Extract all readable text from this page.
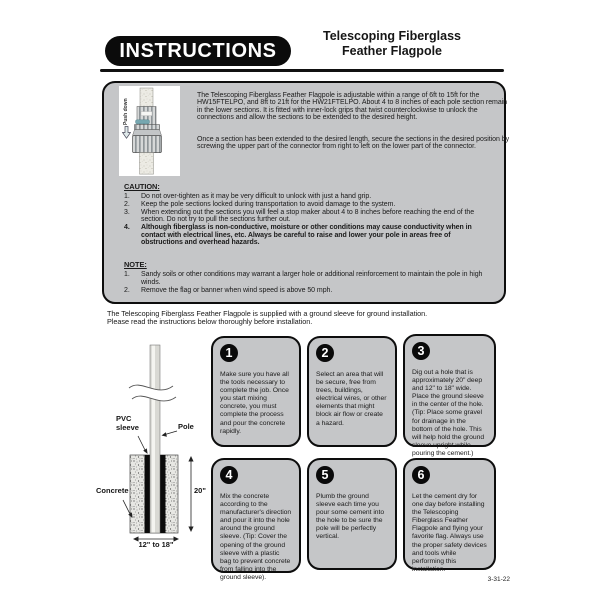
INSTRUCTIONS
Telescoping Fiberglass
Feather Flagpole
Push down

The Telescoping Fiberglass Feather Flagpole is adjustable within a range of 6ft to 15ft for the HW15FTELPO, and 8ft to 21ft for the HW21FTELPO. About 4 to 8 inches of each pole section remain in the lower sections. It is fitted with inner-lock grips that twist counterclockwise to unlock the connections and allow the sections to be extended to the desired height.

Once a section has been extended to the desired length, secure the sections in the desired position by screwing the upper part of the connector from right to left on the lower part of the connector.

CAUTION:
1.	Do not over-tighten as it may be very difficult to unlock with just a hand grip.
2.	Keep the pole sections locked during transportation to avoid damage to the system.
3.	When extending out the sections you will feel a stop maker about 4 to 8 inches before reaching the end of the section. Do not try to pull the sections further out.
4.	Although fiberglass is non-conductive, moisture or other conditions may cause conductivity when in contact with electrical lines, etc. Always be careful to raise and lower your pole in areas free of obstructions and overhead hazards.
NOTE:
1.	Sandy soils or other conditions may warrant a larger hole or additional reinforcement to maintain the pole in high winds.
2.	Remove the flag or banner when wind speed is above 50 mph.
The Telescoping Fiberglass Feather Flagpole is supplied with a ground sleeve for ground installation.
Please read the instructions below thoroughly before installation.
PVC
sleeve	Pole
Concrete	20"
12" to 18"
1
Make sure you have all the tools necessary to complete the job. Once you start mixing concrete, you must complete the process and pour the concrete rapidly.
2
Select an area that will be secure, free from trees, buildings, electrical wires, or other elements that might block air flow or create a hazard.
3
Dig out a hole that is approximately 20" deep and 12" to 18" wide. Place the ground sleeve in the center of the hole. (Tip: Place some gravel for drainage in the bottom of the hole. This will help hold the ground sleeve upright while pouring the cement.)
4
Mix the concrete according to the manufacturer's direction and pour it into the hole around the ground sleeve. (Tip: Cover the opening of the ground sleeve with a plastic bag to prevent concrete from falling into the ground sleeve).
5
Plumb the ground sleeve each time you pour some cement into the hole to be sure the pole will be perfectly vertical.
6
Let the cement dry for one day before installing the Telescoping Fiberglass Feather Flagpole and flying your favorite flag. Always use the proper safety devices and tools while performing this installation.
3-31-22
